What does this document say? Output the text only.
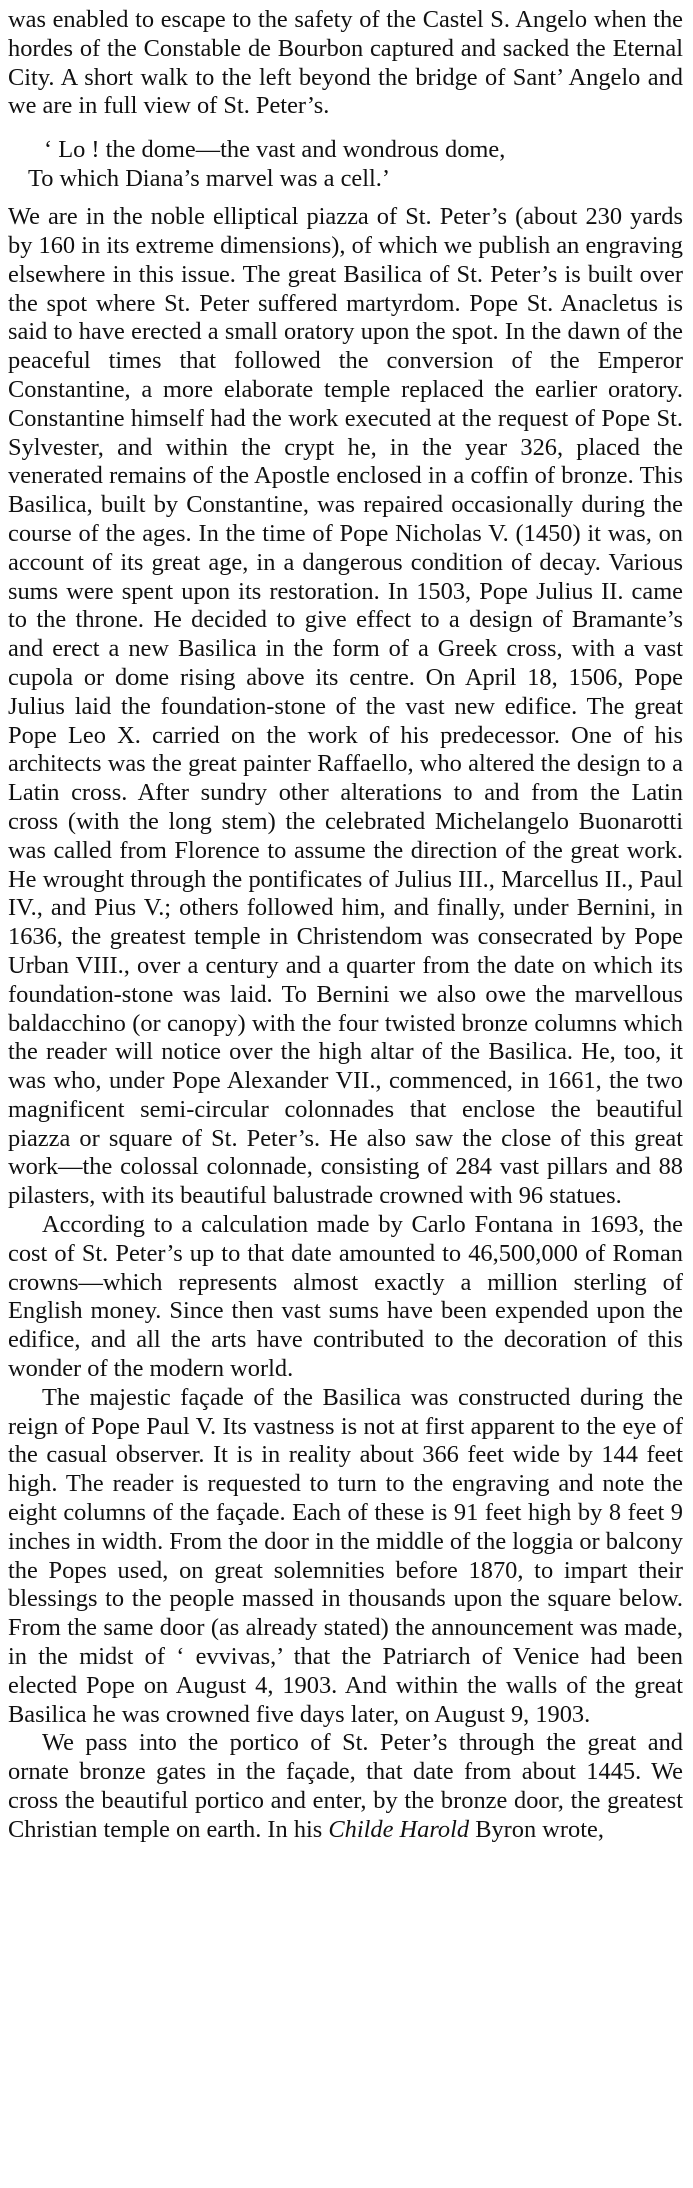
was enabled to escape to the safety of the Castel S. Angelo when the hordes of the Constable de Bourbon captured and sacked the Eternal City. A short walk to the left beyond the bridge of Sant’ Angelo and we are in full view of St. Peter’s.

‘ Lo ! the dome—the vast and wondrous dome,
To which Diana’s marvel was a cell.’

We are in the noble elliptical piazza of St. Peter’s (about 230 yards by 160 in its extreme dimensions), of which we publish an engraving elsewhere in this issue. The great Basilica of St. Peter’s is built over the spot where St. Peter suffered martyrdom. Pope St. Anacletus is said to have erected a small oratory upon the spot. In the dawn of the peaceful times that followed the conversion of the Emperor Constantine, a more elaborate temple replaced the earlier oratory. Constantine himself had the work executed at the request of Pope St. Sylvester, and within the crypt he, in the year 326, placed the venerated remains of the Apostle enclosed in a coffin of bronze. This Basilica, built by Constantine, was repaired occasionally during the course of the ages. In the time of Pope Nicholas V. (1450) it was, on account of its great age, in a dangerous condition of decay. Various sums were spent upon its restoration. In 1503, Pope Julius II. came to the throne. He decided to give effect to a design of Bramante’s and erect a new Basilica in the form of a Greek cross, with a vast cupola or dome rising above its centre. On April 18, 1506, Pope Julius laid the foundation-stone of the vast new edifice. The great Pope Leo X. carried on the work of his predecessor. One of his architects was the great painter Raffaello, who altered the design to a Latin cross. After sundry other alterations to and from the Latin cross (with the long stem) the celebrated Michelangelo Buonarotti was called from Florence to assume the direction of the great work. He wrought through the pontificates of Julius III., Marcellus II., Paul IV., and Pius V.; others followed him, and finally, under Bernini, in 1636, the greatest temple in Christendom was consecrated by Pope Urban VIII., over a century and a quarter from the date on which its foundation-stone was laid. To Bernini we also owe the marvellous baldacchino (or canopy) with the four twisted bronze columns which the reader will notice over the high altar of the Basilica. He, too, it was who, under Pope Alexander VII., commenced, in 1661, the two magnificent semi-circular colonnades that enclose the beautiful piazza or square of St. Peter’s. He also saw the close of this great work—the colossal colonnade, consisting of 284 vast pillars and 88 pilasters, with its beautiful balustrade crowned with 96 statues.

According to a calculation made by Carlo Fontana in 1693, the cost of St. Peter’s up to that date amounted to 46,500,000 of Roman crowns—which represents almost exactly a million sterling of English money. Since then vast sums have been expended upon the edifice, and all the arts have contributed to the decoration of this wonder of the modern world.

The majestic façade of the Basilica was constructed during the reign of Pope Paul V. Its vastness is not at first apparent to the eye of the casual observer. It is in reality about 366 feet wide by 144 feet high. The reader is requested to turn to the engraving and note the eight columns of the façade. Each of these is 91 feet high by 8 feet 9 inches in width. From the door in the middle of the loggia or balcony the Popes used, on great solemnities before 1870, to impart their blessings to the people massed in thousands upon the square below. From the same door (as already stated) the announcement was made, in the midst of ‘ evvivas,’ that the Patriarch of Venice had been elected Pope on August 4, 1903. And within the walls of the great Basilica he was crowned five days later, on August 9, 1903.

We pass into the portico of St. Peter’s through the great and ornate bronze gates in the façade, that date from about 1445. We cross the beautiful portico and enter, by the bronze door, the greatest Christian temple on earth. In his Childe Harold Byron wrote,
